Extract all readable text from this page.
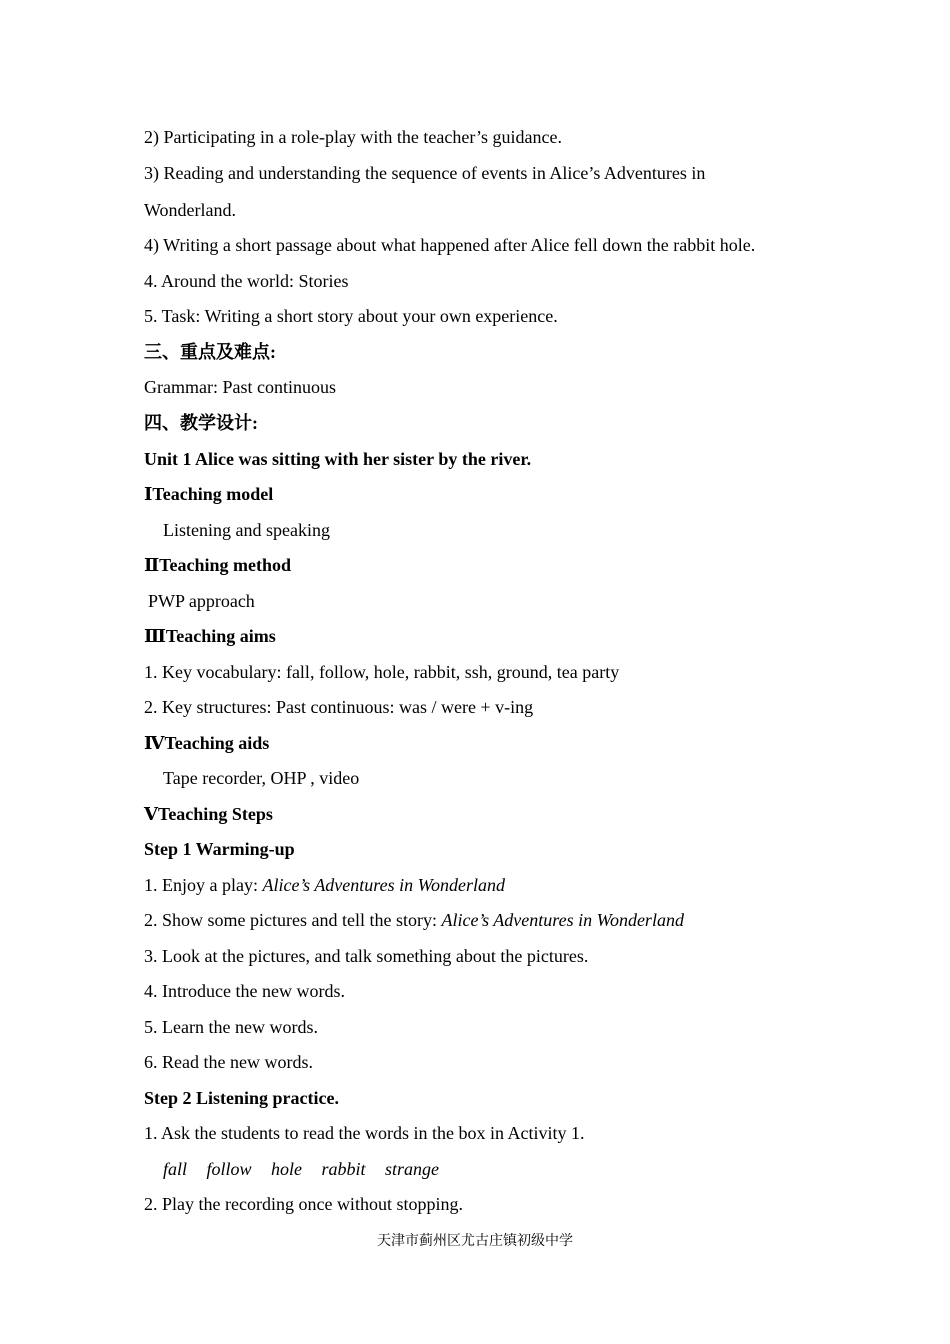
2) Participating in a role-play with the teacher’s guidance.
3) Reading and understanding the sequence of events in Alice’s Adventures in
Wonderland.
4) Writing a short passage about what happened after Alice fell down the rabbit hole.
4. Around the world: Stories
5. Task: Writing a short story about your own experience.
三、重点及难点:
Grammar: Past continuous
四、教学设计:
Unit 1 Alice was sitting with her sister by the river.
ⅠTeaching model
Listening and speaking
ⅡTeaching method
PWP approach
ⅢTeaching aims
1. Key vocabulary: fall, follow, hole, rabbit, ssh, ground, tea party
2. Key structures: Past continuous: was / were + v-ing
ⅣTeaching aids
Tape recorder, OHP , video
ⅤTeaching Steps
Step 1 Warming-up
1. Enjoy a play: Alice’s Adventures in Wonderland
2. Show some pictures and tell the story: Alice’s Adventures in Wonderland
3. Look at the pictures, and talk something about the pictures.
4. Introduce the new words.
5. Learn the new words.
6. Read the new words.
Step 2 Listening practice.
1. Ask the students to read the words in the box in Activity 1.
fall follow hole rabbit strange
2. Play the recording once without stopping.
天津市蓟州区尤古庄镇初级中学
